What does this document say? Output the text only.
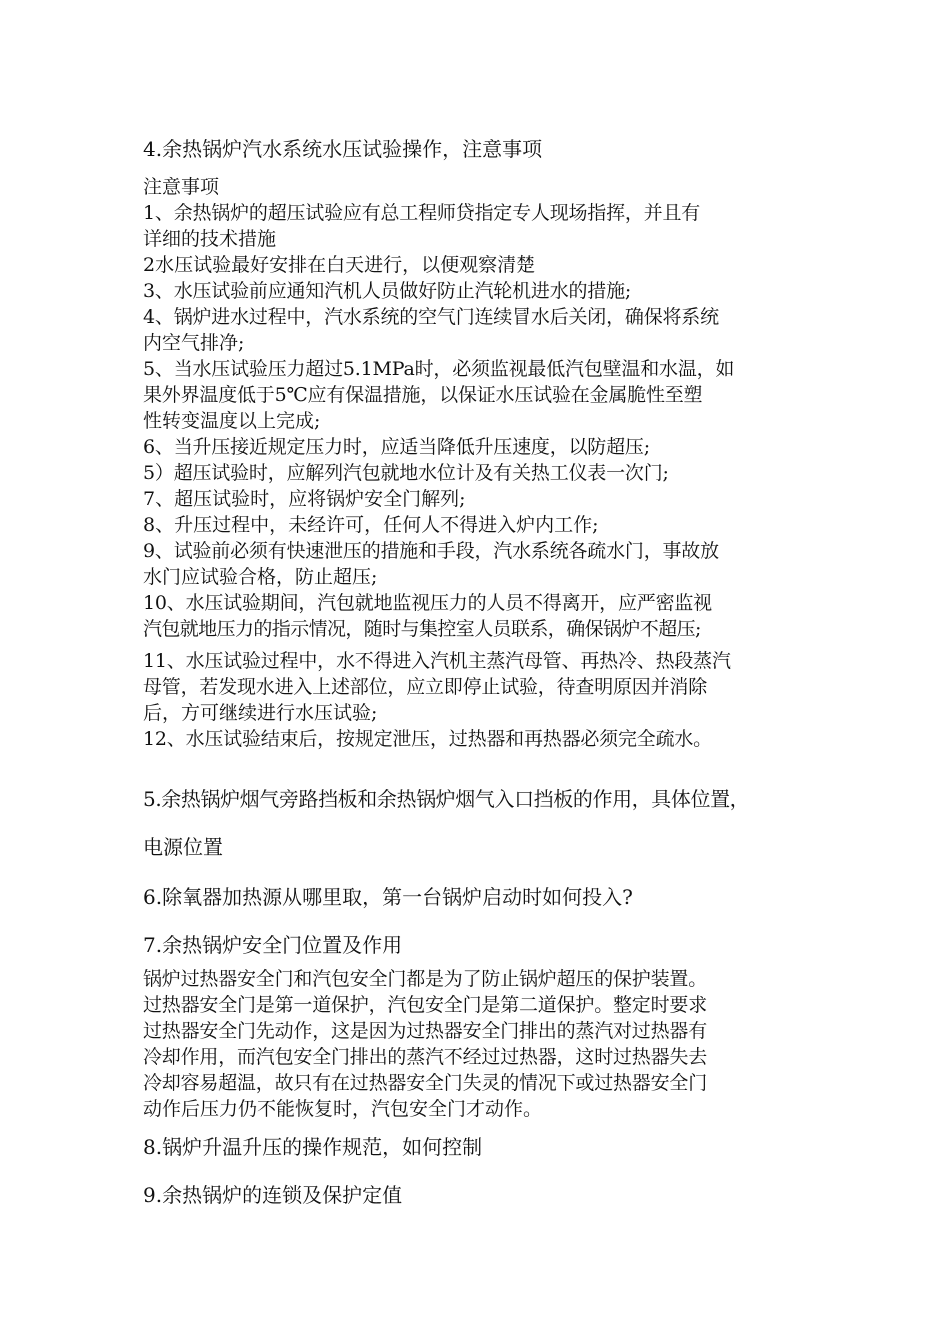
4.余热锅炉汽水系统水压试验操作，注意事项
注意事项
1、余热锅炉的超压试验应有总工程师贷指定专人现场指挥，并且有
详细的技术措施
2水压试验最好安排在白天进行，以便观察清楚
3、水压试验前应通知汽机人员做好防止汽轮机进水的措施;
4、锅炉进水过程中，汽水系统的空气门连续冒水后关闭，确保将系统
内空气排净;
5、当水压试验压力超过5.1MPa时，必须监视最低汽包壁温和水温，如
果外界温度低于5℃应有保温措施，以保证水压试验在金属脆性至塑
性转变温度以上完成;
6、当升压接近规定压力时，应适当降低升压速度，以防超压;
5）超压试验时，应解列汽包就地水位计及有关热工仪表一次门;
7、超压试验时，应将锅炉安全门解列;
8、升压过程中，未经许可，任何人不得进入炉内工作;
9、试验前必须有快速泄压的措施和手段，汽水系统各疏水门，事故放
水门应试验合格，防止超压;
10、水压试验期间，汽包就地监视压力的人员不得离开，应严密监视
汽包就地压力的指示情况，随时与集控室人员联系，确保锅炉不超压;
11、水压试验过程中，水不得进入汽机主蒸汽母管、再热冷、热段蒸汽
母管，若发现水进入上述部位，应立即停止试验，待查明原因并消除
后，方可继续进行水压试验;
12、水压试验结束后，按规定泄压，过热器和再热器必须完全疏水。
5.余热锅炉烟气旁路挡板和余热锅炉烟气入口挡板的作用，具体位置，
电源位置
6.除氧器加热源从哪里取，第一台锅炉启动时如何投入?
7.余热锅炉安全门位置及作用
锅炉过热器安全门和汽包安全门都是为了防止锅炉超压的保护装置。
过热器安全门是第一道保护，汽包安全门是第二道保护。整定时要求
过热器安全门先动作，这是因为过热器安全门排出的蒸汽对过热器有
冷却作用，而汽包安全门排出的蒸汽不经过过热器，这时过热器失去
冷却容易超温，故只有在过热器安全门失灵的情况下或过热器安全门
动作后压力仍不能恢复时，汽包安全门才动作。
8.锅炉升温升压的操作规范，如何控制
9.余热锅炉的连锁及保护定值
